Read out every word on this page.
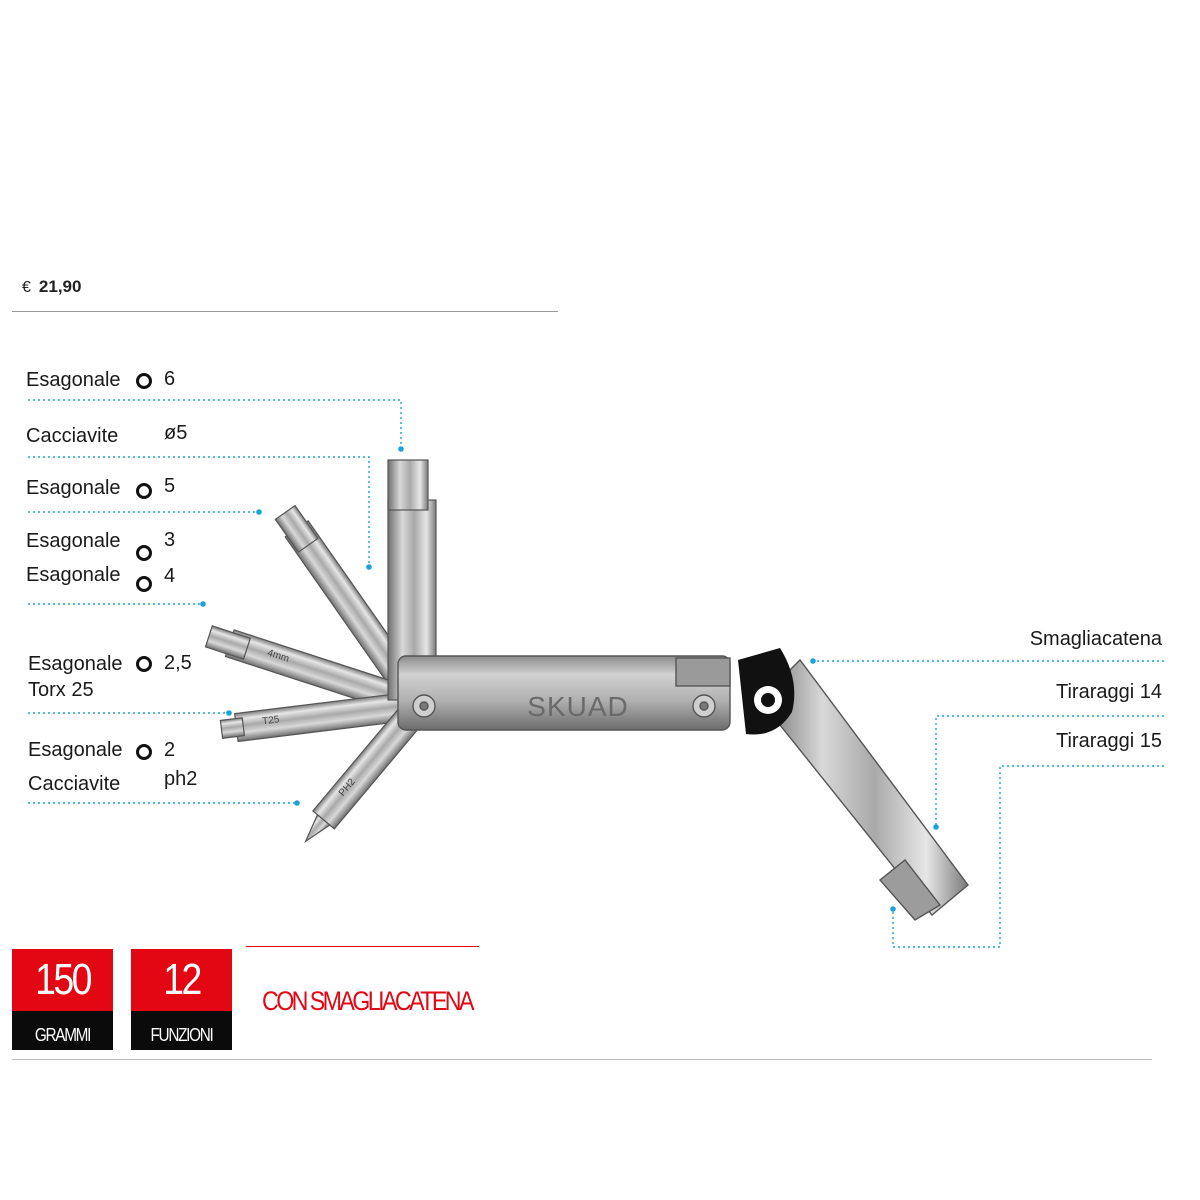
€ 21,90
Esagonale 6
Cacciavite ø5
Esagonale 5
Esagonale 3
Esagonale 4
Esagonale 2,5
Torx 25
Esagonale 2
Cacciavite ph2
Smagliacatena
Tiraraggi 14
Tiraraggi 15
4mm
T25
PH2
SKUAD
150
GRAMMI
12
FUNZIONI
CON SMAGLIACATENA
